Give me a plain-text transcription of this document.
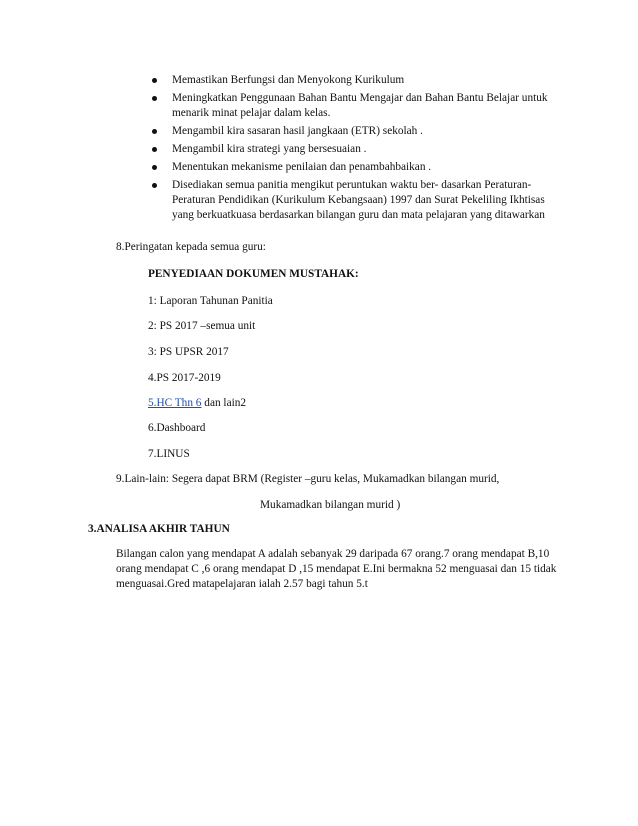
Memastikan Berfungsi dan Menyokong Kurikulum
Meningkatkan Penggunaan Bahan Bantu Mengajar dan Bahan Bantu Belajar untuk menarik minat pelajar dalam kelas.
Mengambil kira sasaran hasil jangkaan (ETR) sekolah .
Mengambil kira strategi yang bersesuaian .
Menentukan mekanisme penilaian dan penambahbaikan .
Disediakan semua panitia mengikut peruntukan waktu ber- dasarkan Peraturan-Peraturan Pendidikan (Kurikulum Kebangsaan) 1997 dan Surat Pekeliling Ikhtisas yang berkuatkuasa berdasarkan bilangan guru dan mata pelajaran yang ditawarkan
8.Peringatan kepada semua guru:
PENYEDIAAN DOKUMEN MUSTAHAK:
1: Laporan Tahunan Panitia
2: PS 2017 –semua unit
3: PS UPSR 2017
4.PS 2017-2019
5.HC Thn 6 dan lain2
6.Dashboard
7.LINUS
9.Lain-lain: Segera dapat BRM (Register –guru kelas, Mukamadkan bilangan murid,
Mukamadkan bilangan murid )
3.ANALISA AKHIR TAHUN
Bilangan calon yang mendapat A adalah sebanyak 29 daripada 67 orang.7 orang mendapat B,10 orang mendapat C ,6 orang mendapat D ,15 mendapat E.Ini bermakna 52 menguasai dan 15 tidak menguasai.Gred matapelajaran ialah 2.57 bagi tahun 5.t
